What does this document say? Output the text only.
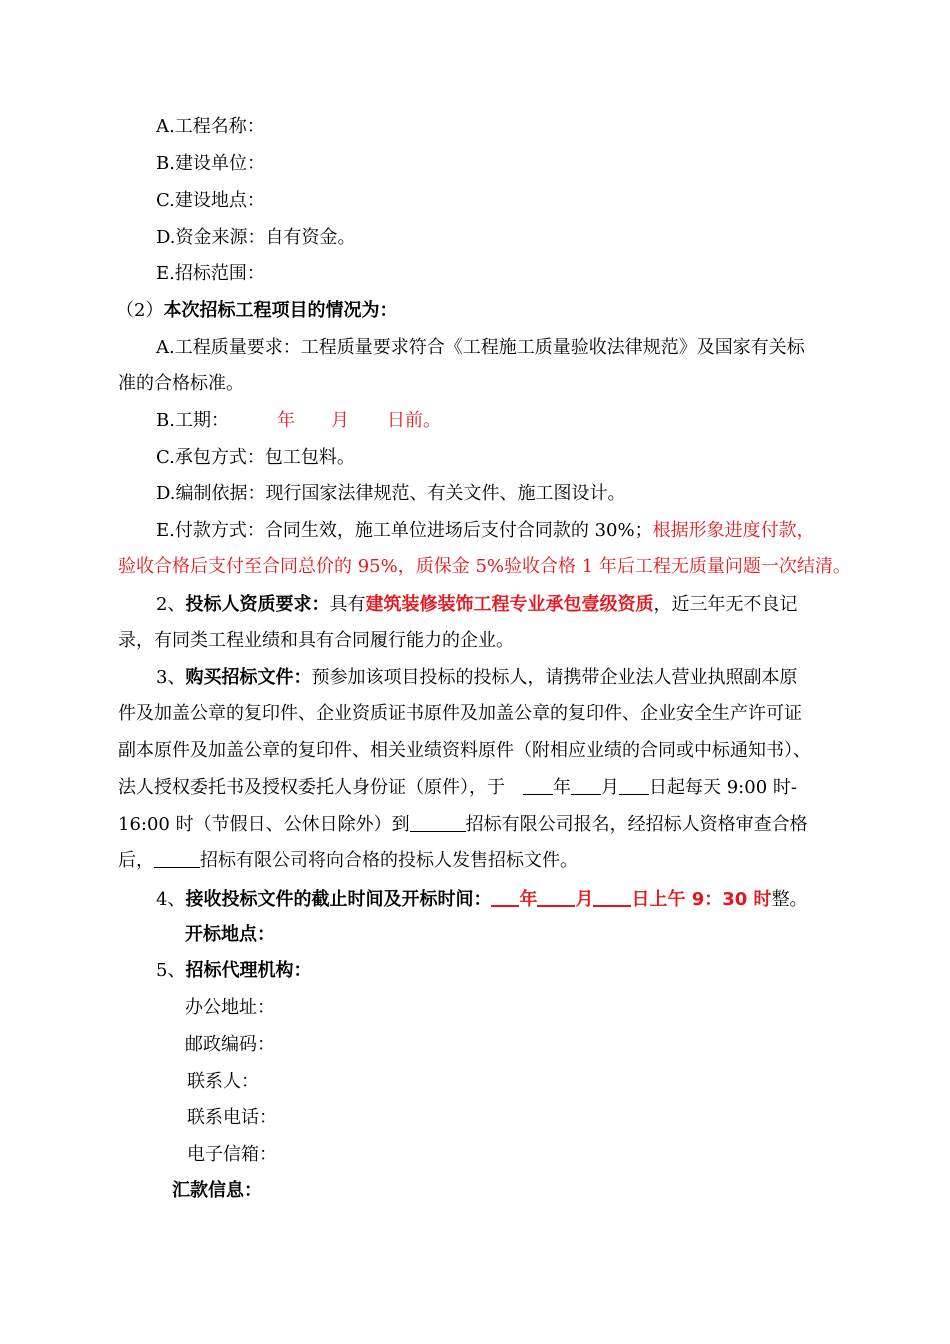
A.工程名称：
B.建设单位：
C.建设地点：
D.资金来源：自有资金。
E.招标范围：
（2）本次招标工程项目的情况为：
A.工程质量要求：工程质量要求符合《工程施工质量验收法律规范》及国家有关标
准的合格标准。
B.工期：	年 月 日前。
C.承包方式：包工包料。
D.编制依据：现行国家法律规范、有关文件、施工图设计。
E.付款方式：合同生效，施工单位进场后支付合同款的 30%；根据形象进度付款，
验收合格后支付至合同总价的 95%，质保金 5%验收合格 1 年后工程无质量问题一次结清。
2、投标人资质要求：具有建筑装修装饰工程专业承包壹级资质，近三年无不良记
录，有同类工程业绩和具有合同履行能力的企业。
3、购买招标文件：预参加该项目投标的投标人，请携带企业法人营业执照副本原
件及加盖公章的复印件、企业资质证书原件及加盖公章的复印件、企业安全生产许可证
副本原件及加盖公章的复印件、相关业绩资料原件（附相应业绩的合同或中标通知书）、
法人授权委托书及授权委托人身份证（原件），于	年 月 日起每天 9:00 时-
16:00 时（节假日、公休日除外）到	招标有限公司报名，经招标人资格审查合格
后，	招标有限公司将向合格的投标人发售招标文件。
4、接收投标文件的截止时间及开标时间： 年 月 日上午 9：30 时整。
开标地点：
5、招标代理机构：
办公地址：
邮政编码：
联系人：
联系电话：
电子信箱：
汇款信息：
